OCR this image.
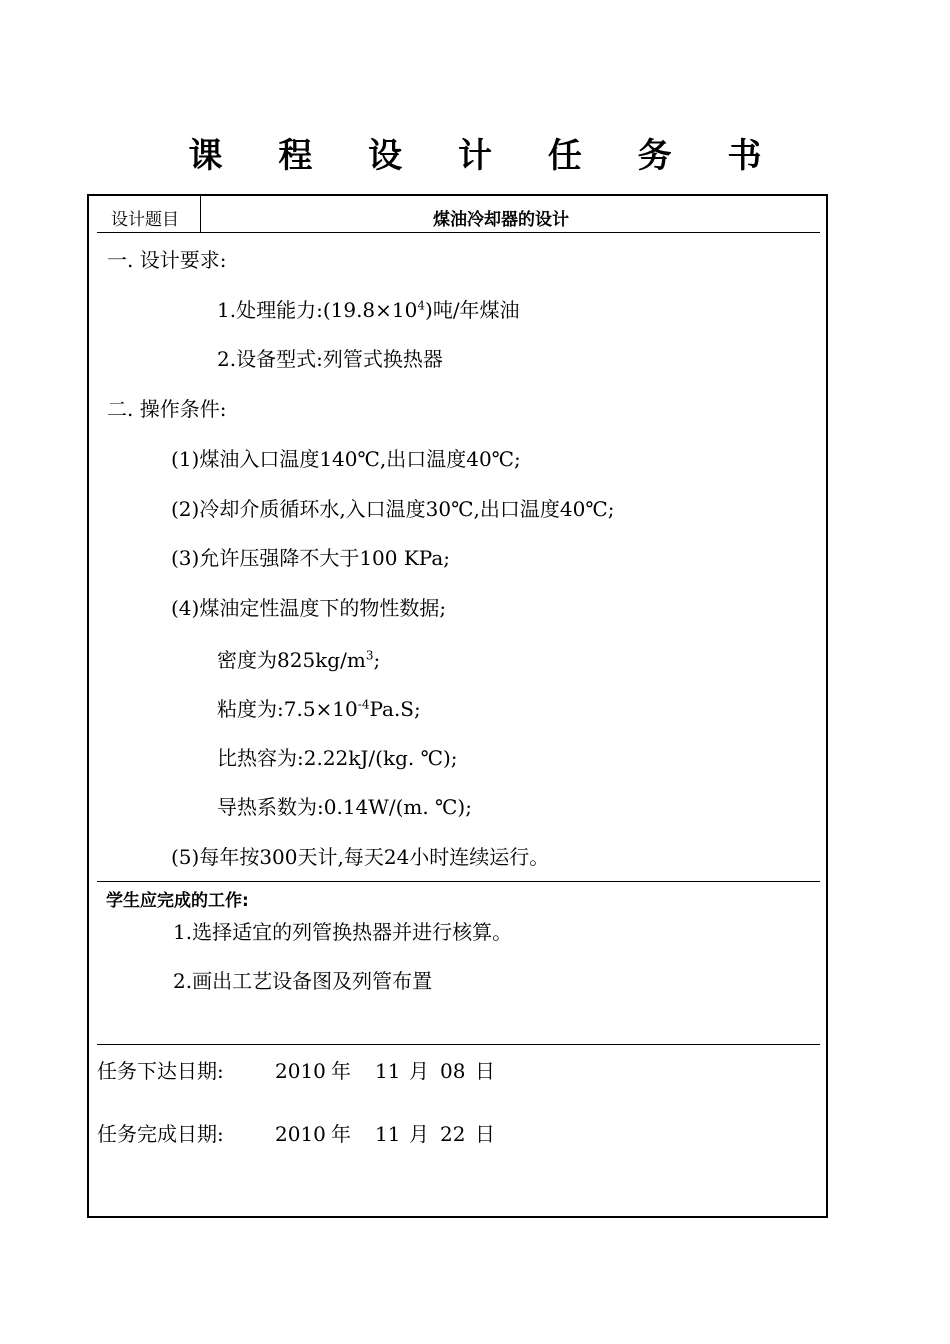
课 程 设 计 任 务 书
设计题目	煤油冷却器的设计
一. 设计要求:
1.处理能力$:(19.8\times 10^4)$吨/年煤油
2.设备型式:列管式换热器
二. 操作条件:
(1)煤油入口温度140℃,出口温度40℃;
(2)冷却介质循环水,入口温度30℃,出口温度40℃;
(3)允许压强降不大于100 KPa;
(4)煤油定性温度下的物性数据;
密度为$825kg/m^3$;
粘度为$:7.5\times 10^{-4}Pa.S$;
比热容为:2.22kJ/(kg. ℃);
导热系数为:0.14W/(m. ℃);
(5)每年按300天计,每天24小时连续运行。
学生应完成的工作:
1.选择适宜的列管换热器并进行核算。
2.画出工艺设备图及列管布置
任务下达日期:	2010 年 11 月 08 日
任务完成日期:	2010 年 11 月 22 日
